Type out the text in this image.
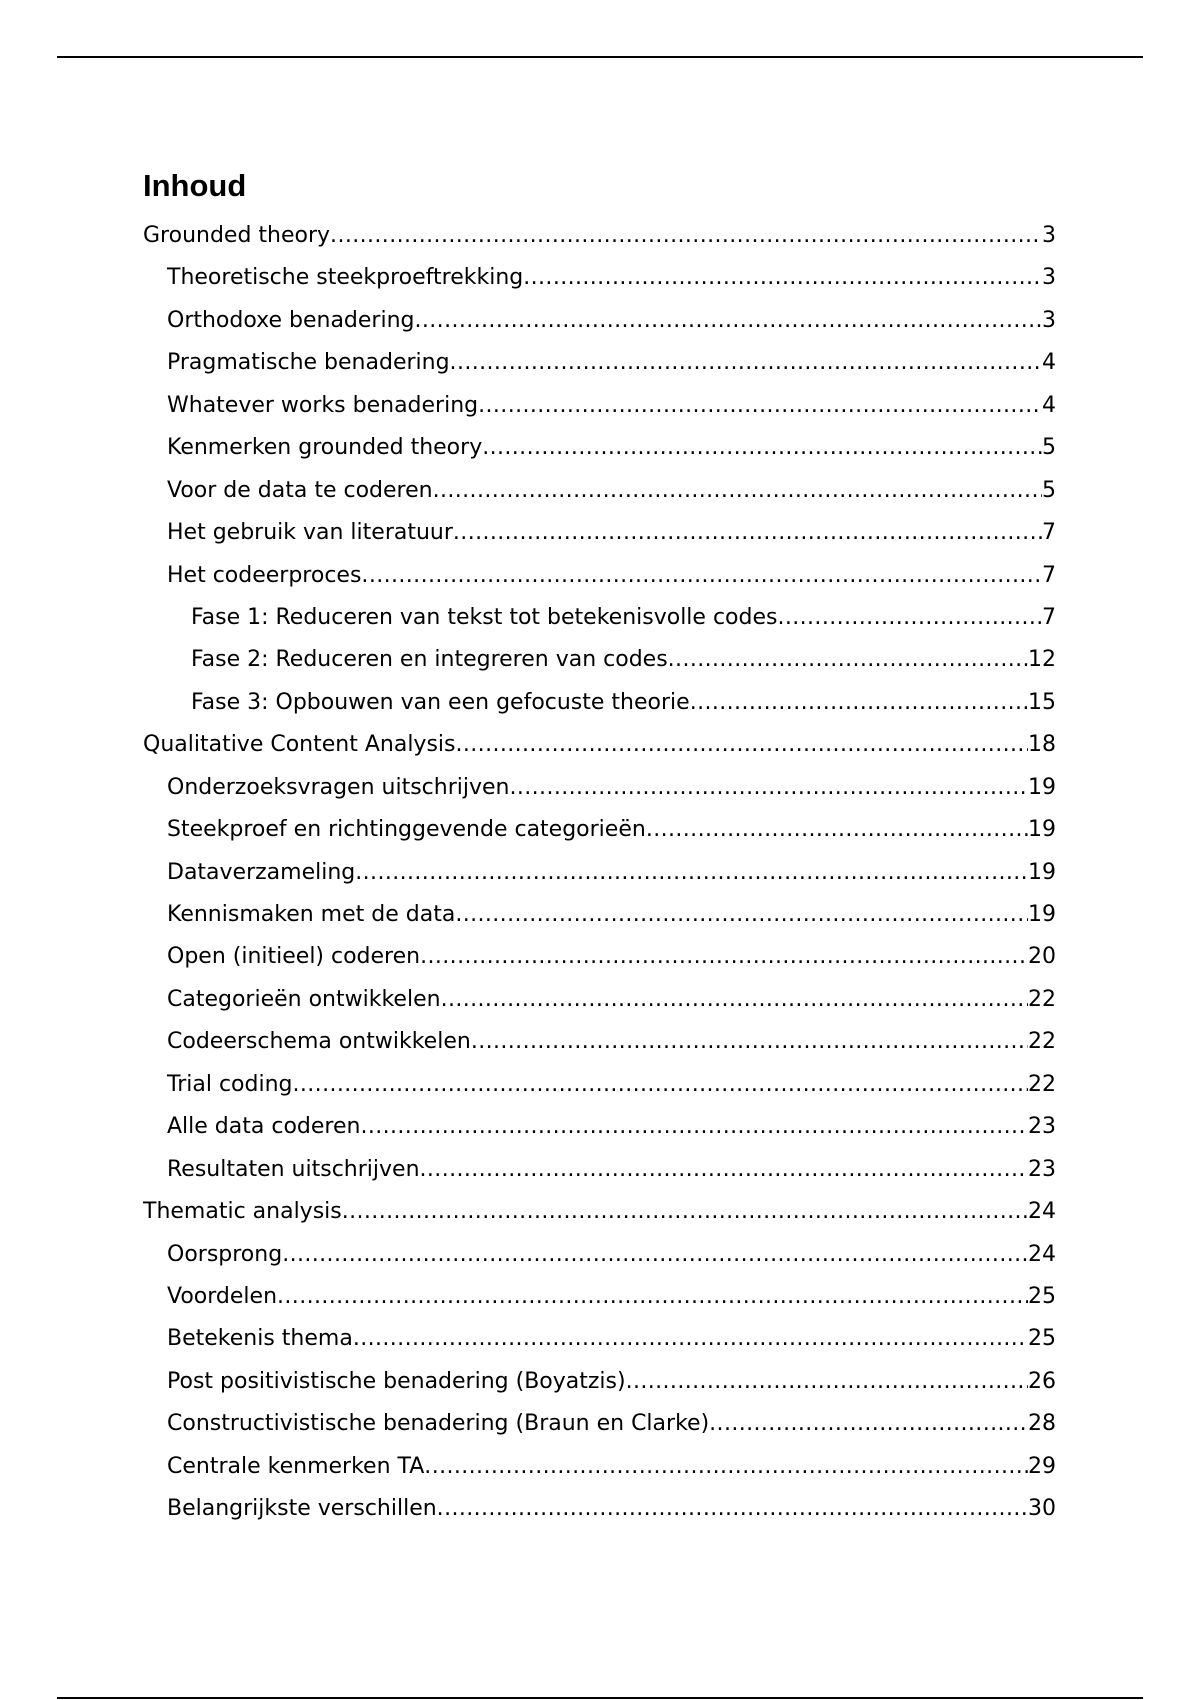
Inhoud
Grounded theory .....	3
Theoretische steekproeftrekking .....	3
Orthodoxe benadering .....	3
Pragmatische benadering .....	4
Whatever works benadering .....	4
Kenmerken grounded theory .....	5
Voor de data te coderen .....	5
Het gebruik van literatuur .....	7
Het codeerproces .....	7
Fase 1: Reduceren van tekst tot betekenisvolle codes .....	7
Fase 2: Reduceren en integreren van codes .....	12
Fase 3: Opbouwen van een gefocuste theorie .....	15
Qualitative Content Analysis .....	18
Onderzoeksvragen uitschrijven .....	19
Steekproef en richtinggevende categorieën .....	19
Dataverzameling .....	19
Kennismaken met de data .....	19
Open (initieel) coderen .....	20
Categorieën ontwikkelen .....	22
Codeerschema ontwikkelen .....	22
Trial coding .....	22
Alle data coderen .....	23
Resultaten uitschrijven .....	23
Thematic analysis .....	24
Oorsprong .....	24
Voordelen .....	25
Betekenis thema .....	25
Post positivistische benadering (Boyatzis) .....	26
Constructivistische benadering (Braun en Clarke) .....	28
Centrale kenmerken TA .....	29
Belangrijkste verschillen .....	30
